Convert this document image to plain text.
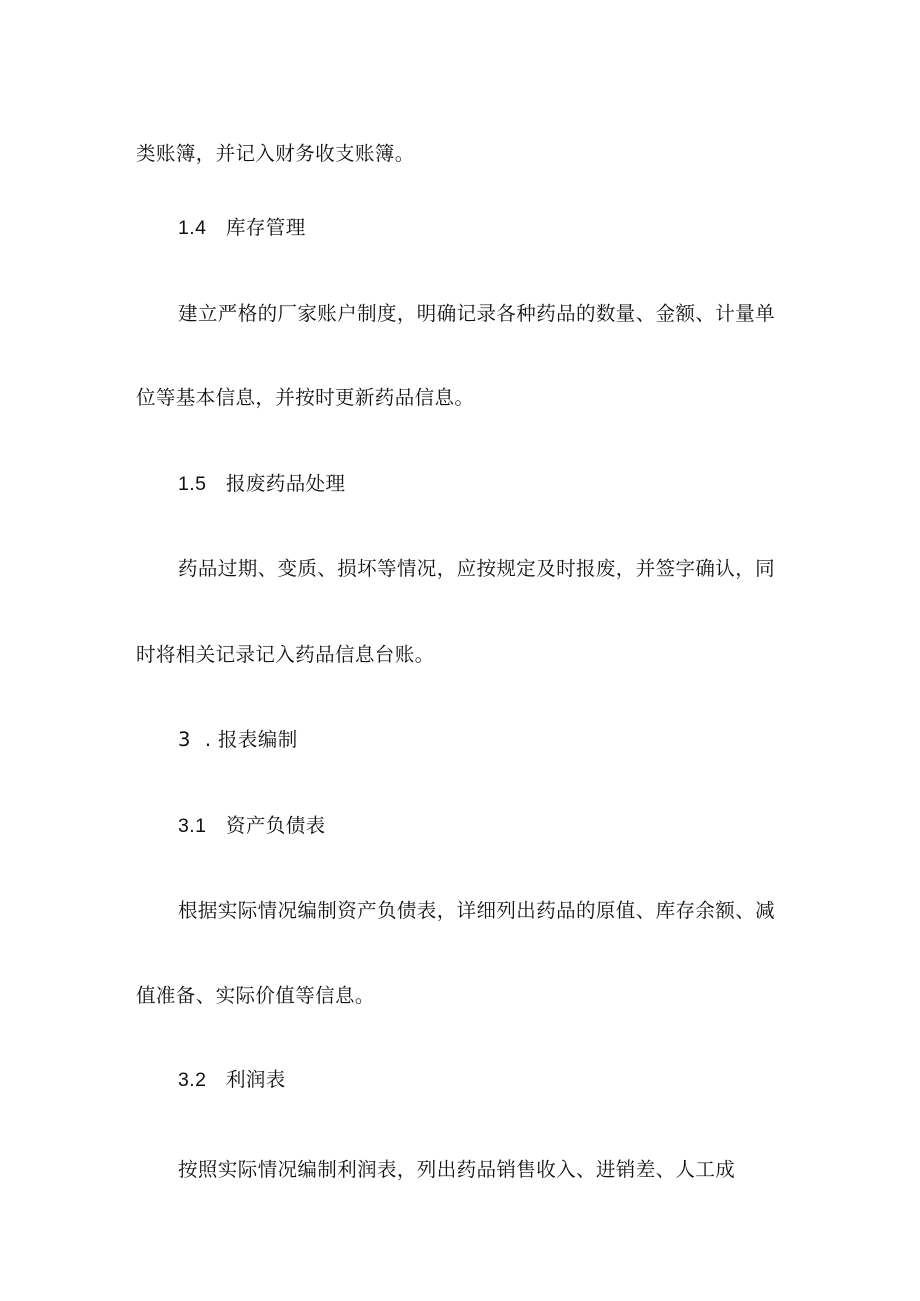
类账簿，并记入财务收支账簿。
1.4 库存管理
建立严格的厂家账户制度，明确记录各种药品的数量、金额、计量单
位等基本信息，并按时更新药品信息。
1.5 报废药品处理
药品过期、变质、损坏等情况，应按规定及时报废，并签字确认，同
时将相关记录记入药品信息台账。
3 . 报表编制
3.1 资产负债表
根据实际情况编制资产负债表，详细列出药品的原值、库存余额、减
值准备、实际价值等信息。
3.2 利润表
按照实际情况编制利润表，列出药品销售收入、进销差、人工成
